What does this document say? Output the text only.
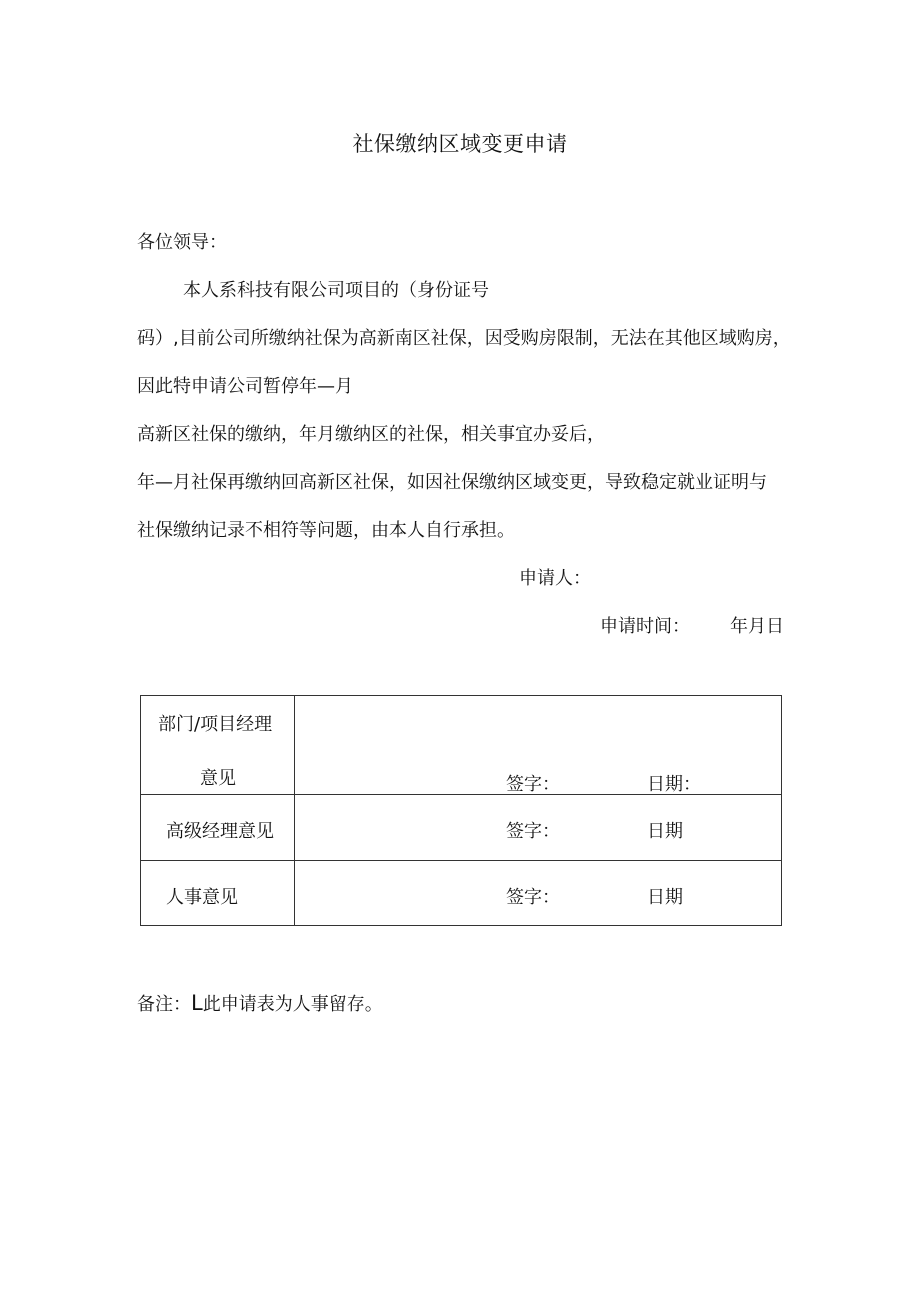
社保缴纳区域变更申请
各位领导：
本人系科技有限公司项目的（身份证号
码）,目前公司所缴纳社保为高新南区社保，因受购房限制，无法在其他区域购房，
因此特申请公司暂停年—月
高新区社保的缴纳，年月缴纳区的社保，相关事宜办妥后，
年—月社保再缴纳回高新区社保，如因社保缴纳区域变更，导致稳定就业证明与
社保缴纳记录不相符等问题，由本人自行承担。
申请人：
申请时间： 年月日
部门/项目经理
意见	签字：	日期：
高级经理意见	签字：	日期
人事意见	签字：	日期
备注：L此申请表为人事留存。
